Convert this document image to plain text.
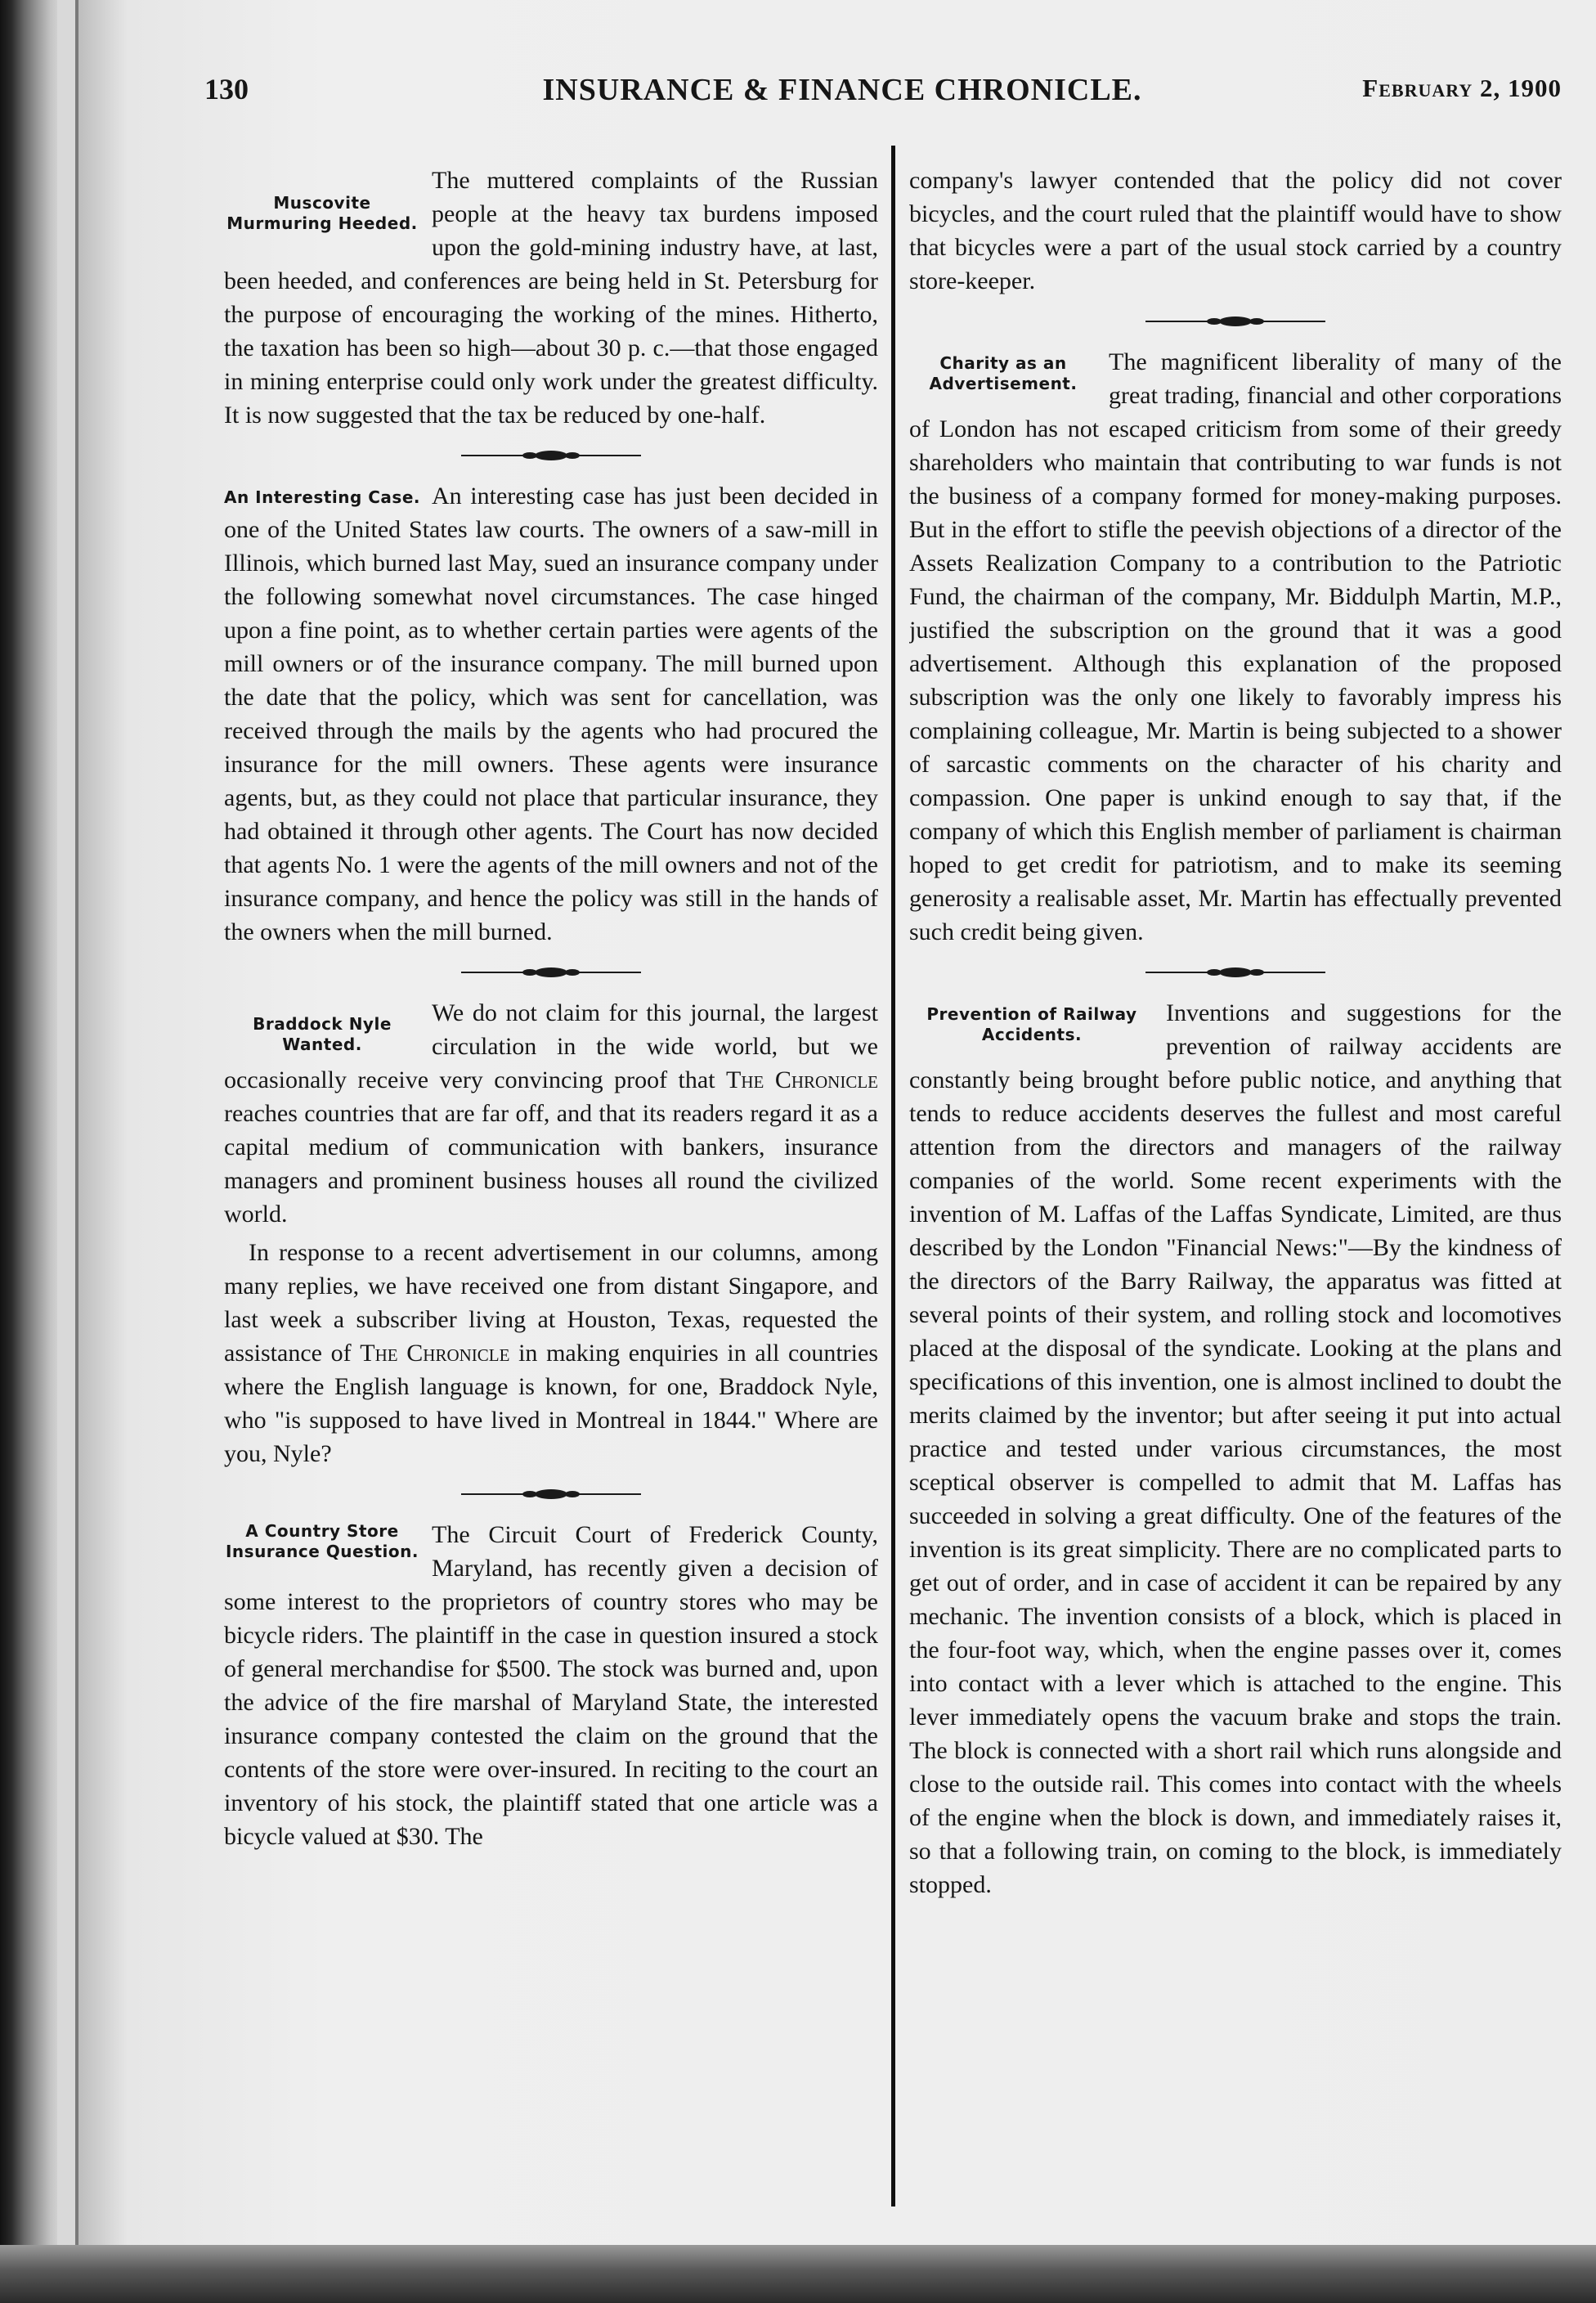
130	INSURANCE & FINANCE CHRONICLE.	February 2, 1900
Muscovite Murmuring Heeded.

The muttered complaints of the Russian people at the heavy tax burdens imposed upon the gold-mining industry have, at last, been heeded, and conferences are being held in St. Petersburg for the purpose of encouraging the working of the mines. Hitherto, the taxation has been so high—about 30 p. c.—that those engaged in mining enterprise could only work under the greatest difficulty. It is now suggested that the tax be reduced by one-half.

An Interesting Case. An interesting case has just been decided in one of the United States law courts. The owners of a saw-mill in Illinois, which burned last May, sued an insurance company under the following somewhat novel circumstances. The case hinged upon a fine point, as to whether certain parties were agents of the mill owners or of the insurance company. The mill burned upon the date that the policy, which was sent for cancellation, was received through the mails by the agents who had procured the insurance for the mill owners. These agents were insurance agents, but, as they could not place that particular insurance, they had obtained it through other agents. The Court has now decided that agents No. 1 were the agents of the mill owners and not of the insurance company, and hence the policy was still in the hands of the owners when the mill burned.

Braddock Nyle Wanted.

We do not claim for this journal, the largest circulation in the wide world, but we occasionally receive very convincing proof that The Chronicle reaches countries that are far off, and that its readers regard it as a capital medium of communication with bankers, insurance managers and prominent business houses all round the civilized world.

In response to a recent advertisement in our columns, among many replies, we have received one from distant Singapore, and last week a subscriber living at Houston, Texas, requested the assistance of The Chronicle in making enquiries in all countries where the English language is known, for one, Braddock Nyle, who "is supposed to have lived in Montreal in 1844." Where are you, Nyle?

A Country Store Insurance Question.

The Circuit Court of Frederick County, Maryland, has recently given a decision of some interest to the proprietors of country stores who may be bicycle riders. The plaintiff in the case in question insured a stock of general merchandise for $500. The stock was burned and, upon the advice of the fire marshal of Maryland State, the interested insurance company contested the claim on the ground that the contents of the store were over-insured. In reciting to the court an inventory of his stock, the plaintiff stated that one article was a bicycle valued at $30. The

company's lawyer contended that the policy did not cover bicycles, and the court ruled that the plaintiff would have to show that bicycles were a part of the usual stock carried by a country store-keeper.

Charity as an Advertisement.

The magnificent liberality of many of the great trading, financial and other corporations of London has not escaped criticism from some of their greedy shareholders who maintain that contributing to war funds is not the business of a company formed for money-making purposes. But in the effort to stifle the peevish objections of a director of the Assets Realization Company to a contribution to the Patriotic Fund, the chairman of the company, Mr. Biddulph Martin, M.P., justified the subscription on the ground that it was a good advertisement. Although this explanation of the proposed subscription was the only one likely to favorably impress his complaining colleague, Mr. Martin is being subjected to a shower of sarcastic comments on the character of his charity and compassion. One paper is unkind enough to say that, if the company of which this English member of parliament is chairman hoped to get credit for patriotism, and to make its seeming generosity a realisable asset, Mr. Martin has effectually prevented such credit being given.

Prevention of Railway Accidents.

Inventions and suggestions for the prevention of railway accidents are constantly being brought before public notice, and anything that tends to reduce accidents deserves the fullest and most careful attention from the directors and managers of the railway companies of the world. Some recent experiments with the invention of M. Laffas of the Laffas Syndicate, Limited, are thus described by the London "Financial News:"—By the kindness of the directors of the Barry Railway, the apparatus was fitted at several points of their system, and rolling stock and locomotives placed at the disposal of the syndicate. Looking at the plans and specifications of this invention, one is almost inclined to doubt the merits claimed by the inventor; but after seeing it put into actual practice and tested under various circumstances, the most sceptical observer is compelled to admit that M. Laffas has succeeded in solving a great difficulty. One of the features of the invention is its great simplicity. There are no complicated parts to get out of order, and in case of accident it can be repaired by any mechanic. The invention consists of a block, which is placed in the four-foot way, which, when the engine passes over it, comes into contact with a lever which is attached to the engine. This lever immediately opens the vacuum brake and stops the train. The block is connected with a short rail which runs alongside and close to the outside rail. This comes into contact with the wheels of the engine when the block is down, and immediately raises it, so that a following train, on coming to the block, is immediately stopped.
